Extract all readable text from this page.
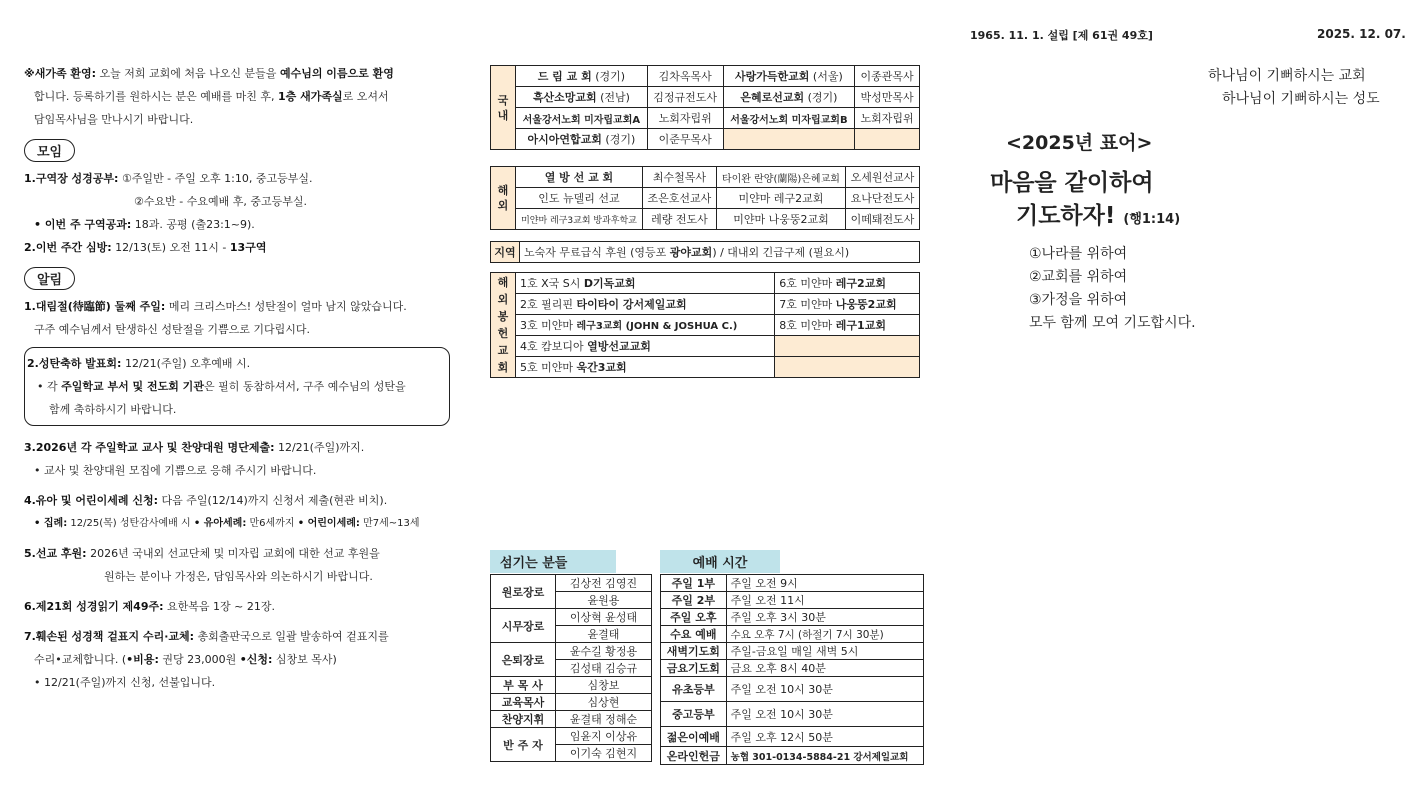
1965. 11. 1. 설립 [제 61권 49호]	2025. 12. 07.

※새가족 환영: 오늘 저희 교회에 처음 나오신 분들을 예수님의 이름으로 환영

합니다. 등록하기를 원하시는 분은 예배를 마친 후, 1층 새가족실로 오셔서

담임목사님을 만나시기 바랍니다.

모임

1.구역장 성경공부: ①주일반 - 주일 오후 1:10, 중고등부실.

②수요반 - 수요예배 후, 중고등부실.

• 이번 주 구역공과: 18과. 공평 (출23:1~9).

2.이번 주간 심방: 12/13(토) 오전 11시 - 13구역

알림

1.대림절(待臨節) 둘째 주일: 메리 크리스마스! 성탄절이 얼마 남지 않았습니다.

구주 예수님께서 탄생하신 성탄절을 기쁨으로 기다립시다.

2.성탄축하 발표회: 12/21(주일) 오후예배 시.

• 각 주일학교 부서 및 전도회 기관은 필히 동참하셔서, 구주 예수님의 성탄을

함께 축하하시기 바랍니다.

3.2026년 각 주일학교 교사 및 찬양대원 명단제출: 12/21(주일)까지.

• 교사 및 찬양대원 모집에 기쁨으로 응해 주시기 바랍니다.

4.유아 및 어린이세례 신청: 다음 주일(12/14)까지 신청서 제출(현관 비치).

• 집례: 12/25(목) 성탄감사예배 시 • 유아세례: 만6세까지 • 어린이세례: 만7세~13세

5.선교 후원: 2026년 국내외 선교단체 및 미자립 교회에 대한 선교 후원을

원하는 분이나 가정은, 담임목사와 의논하시기 바랍니다.

6.제21회 성경읽기 제49주: 요한복음 1장 ~ 21장.

7.훼손된 성경책 겉표지 수리·교체: 총회출판국으로 일괄 발송하여 겉표지를

수리•교체합니다. (•비용: 권당 23,000원 •신청: 심창보 목사)

• 12/21(주일)까지 신청, 선불입니다.

국내	드 림 교 회 (경기)	김차옥목사	사랑가득한교회 (서울)	이종관목사
	흑산소망교회 (전남)	김정규전도사	은혜로선교회 (경기)	박성만목사
	서울강서노회 미자립교회A	노회자립위	서울강서노회 미자립교회B	노회자립위
	아시아연합교회 (경기)	이준무목사		
해외	열 방 선 교 회	최수철목사	타이완 란양(蘭陽)은혜교회	오세원선교사
	인도 뉴델리 선교	조은호선교사	미얀마 레구2교회	요나단전도사
	미얀마 레구3교회 방과후학교	레량 전도사	미얀마 나웅뚱2교회	이떼퇘전도사
지역	노숙자 무료급식 후원 (영등포 광야교회) / 대내외 긴급구제 (필요시)
해외봉헌교회	1호 X국 S시 D기독교회	6호 미얀마 레구2교회
	2호 필리핀 타이타이 강서제일교회	7호 미얀마 나웅뚱2교회
	3호 미얀마 레구3교회 (JOHN & JOSHUA C.)	8호 미얀마 레구1교회
	4호 캄보디아 열방선교교회	
	5호 미얀마 욱간3교회	
섬기는 분들
원로장로	김상전 김영진
	윤원용
시무장로	이상혁 윤성태
	윤결태
은퇴장로	윤수길 황정용
	김성태 김승규
부 목 사	심창보
교육목사	심상현
찬양지휘	윤결태 정해순
반 주 자	임윤지 이상유
	이기숙 김현지
예배 시간
주일 1부	주일 오전 9시
주일 2부	주일 오전 11시
주일 오후	주일 오후 3시 30분
수요 예배	수요 오후 7시 (하절기 7시 30분)
새벽기도회	주일-금요일 매일 새벽 5시
금요기도회	금요 오후 8시 40분
유초등부	주일 오전 10시 30분
중고등부	주일 오전 10시 30분
젊은이예배	주일 오후 12시 50분
온라인헌금	농협 301-0134-5884-21 강서제일교회
하나님이 기뻐하시는 교회
하나님이 기뻐하시는 성도
<2025년 표어>
마음을 같이하여
기도하자! (행1:14)
①나라를 위하여
②교회를 위하여
③가정을 위하여
모두 함께 모여 기도합시다.
